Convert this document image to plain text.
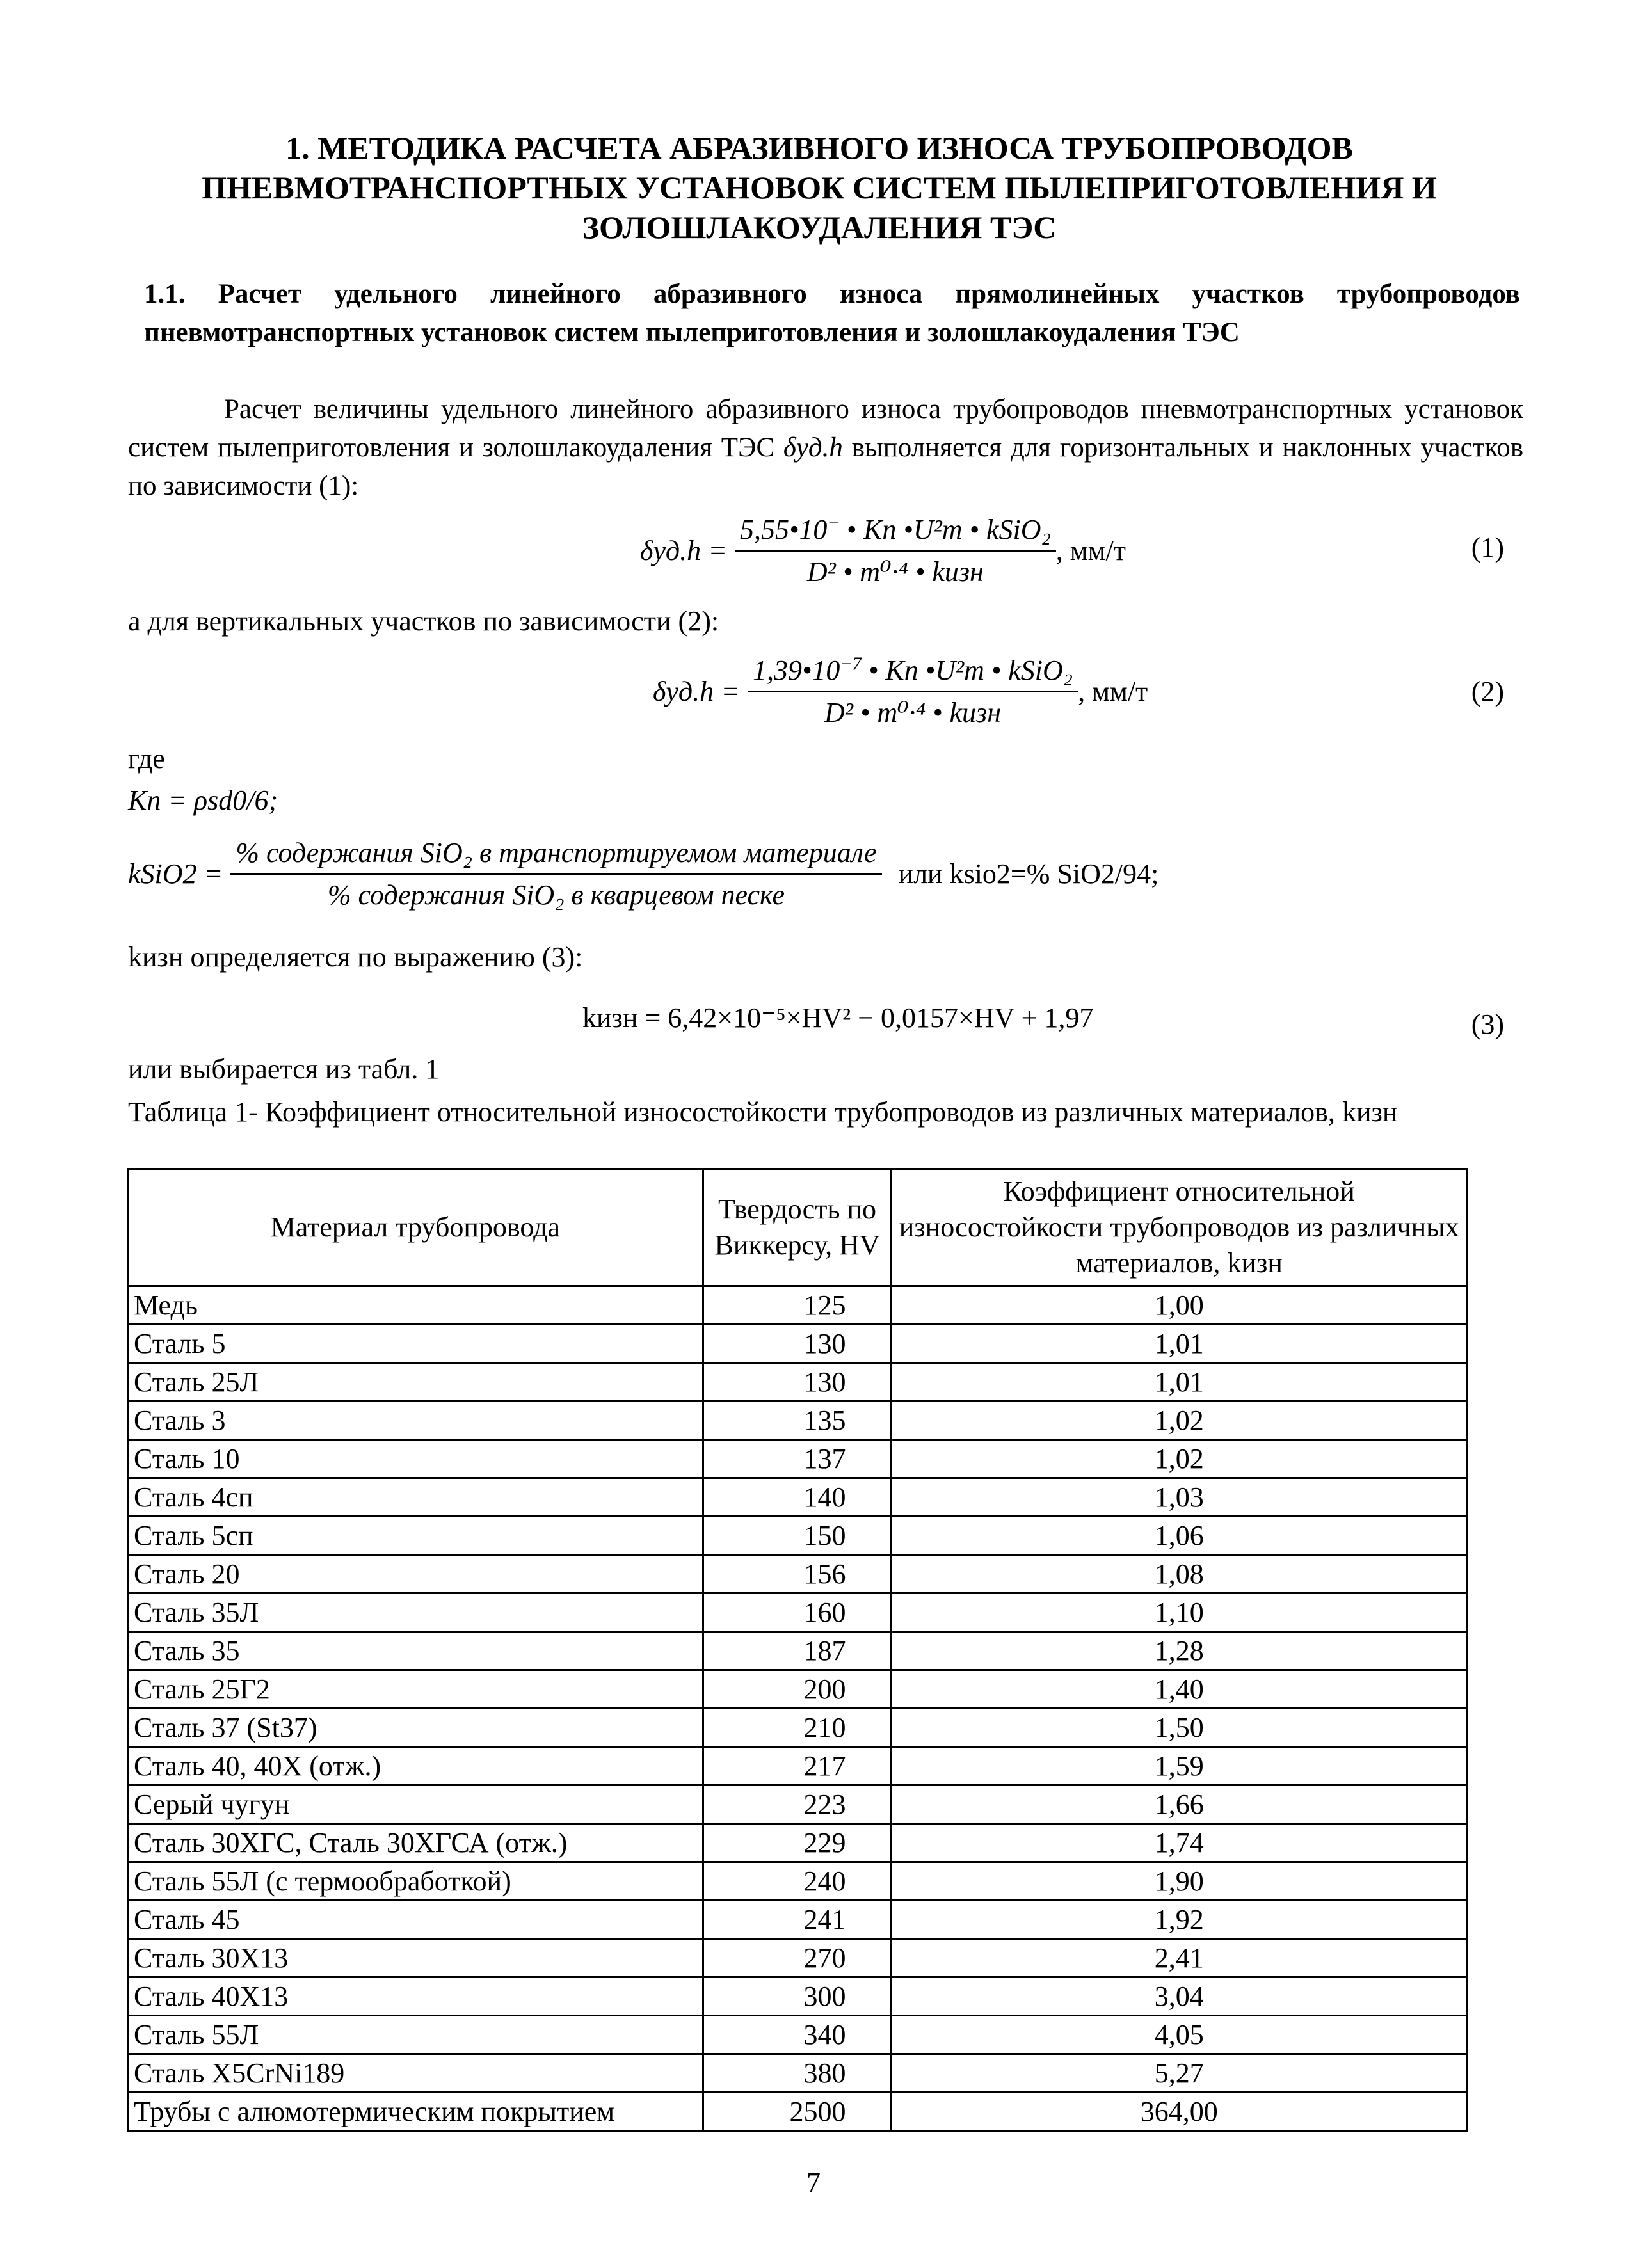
1. МЕТОДИКА РАСЧЕТА АБРАЗИВНОГО ИЗНОСА ТРУБОПРОВОДОВ ПНЕВМОТРАНСПОРТНЫХ УСТАНОВОК СИСТЕМ ПЫЛЕПРИГОТОВЛЕНИЯ И ЗОЛОШЛАКОУДАЛЕНИЯ ТЭС
1.1. Расчет удельного линейного абразивного износа прямолинейных участков трубопроводов пневмотранспортных установок систем пылеприготовления и золошлакоудаления ТЭС
Расчет величины удельного линейного абразивного износа трубопроводов пневмотранспортных установок систем пылеприготовления и золошлакоудаления ТЭС δуд.h выполняется для горизонтальных и наклонных участков по зависимости (1):
$\delta уд.h = \frac{5,55•10^- • Kп •U^2m • kSiO_2}{\text{D² • m⁰·⁴ • kизн}}$ , мм/т	(1)
а для вертикальных участков по зависимости (2):
$\delta уд.h = \frac{1,39•10^{-7} • Kп •U^2m • kSiO_2}{\text{D² • m⁰·⁴ • kизн}}$ , мм/т	(2)
где
Kп = ρsd0/6;
kSiO2 = $\frac{\text{\% содержания SiO₂ в транспортируемом материале}}{\text{\% содержания SiO₂ в кварцевом песке}}$ или ksio2=% SiO2/94;
kизн определяется по выражению (3):
kизн = 6,42×10⁻⁵×HV² − 0,0157×HV + 1,97	(3)
или выбирается из табл. 1
Таблица 1- Коэффициент относительной износостойкости трубопроводов из различных материалов, kизн
Материал трубопровода	Твердость по Виккерсу, HV	Коэффициент относительной износостойкости трубопроводов из различных материалов, kизн
Медь	125	1,00
Сталь 5	130	1,01
Сталь 25Л	130	1,01
Сталь 3	135	1,02
Сталь 10	137	1,02
Сталь 4сп	140	1,03
Сталь 5сп	150	1,06
Сталь 20	156	1,08
Сталь 35Л	160	1,10
Сталь 35	187	1,28
Сталь 25Г2	200	1,40
Сталь 37 (St37)	210	1,50
Сталь 40, 40Х (отж.)	217	1,59
Серый чугун	223	1,66
Сталь 30ХГС, Сталь 30ХГСА (отж.)	229	1,74
Сталь 55Л (с термообработкой)	240	1,90
Сталь 45	241	1,92
Сталь 30Х13	270	2,41
Сталь 40Х13	300	3,04
Сталь 55Л	340	4,05
Сталь X5CrNi189	380	5,27
Трубы с алюмотермическим покрытием	2500	364,00
7
